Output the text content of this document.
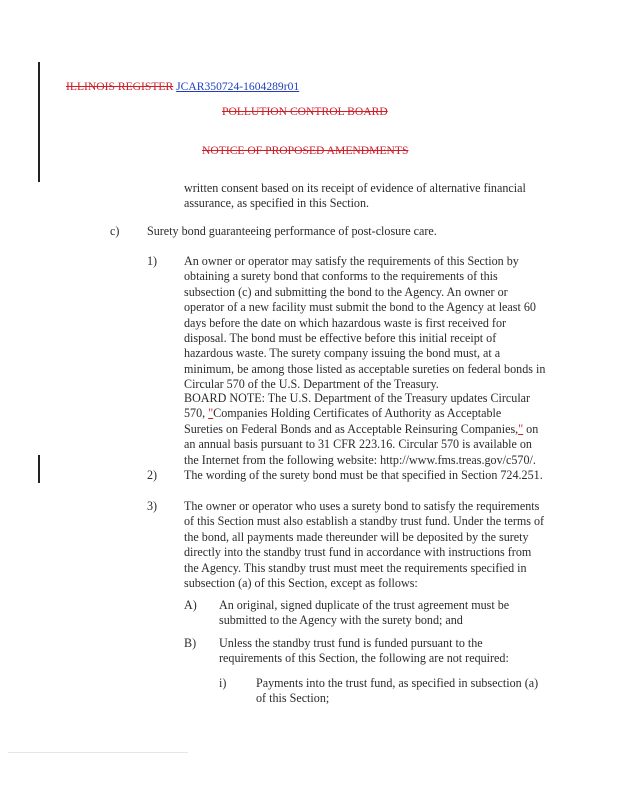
ILLINOIS REGISTER JCAR350724-1604289r01
POLLUTION CONTROL BOARD
NOTICE OF PROPOSED AMENDMENTS
written consent based on its receipt of evidence of alternative financial
assurance, as specified in this Section.
c) Surety bond guaranteeing performance of post-closure care.
1) An owner or operator may satisfy the requirements of this Section by
obtaining a surety bond that conforms to the requirements of this
subsection (c) and submitting the bond to the Agency. An owner or
operator of a new facility must submit the bond to the Agency at least 60
days before the date on which hazardous waste is first received for
disposal. The bond must be effective before this initial receipt of
hazardous waste. The surety company issuing the bond must, at a
minimum, be among those listed as acceptable sureties on federal bonds in
Circular 570 of the U.S. Department of the Treasury.
BOARD NOTE: The U.S. Department of the Treasury updates Circular
570, "Companies Holding Certificates of Authority as Acceptable
Sureties on Federal Bonds and as Acceptable Reinsuring Companies," on
an annual basis pursuant to 31 CFR 223.16. Circular 570 is available on
the Internet from the following website: http://www.fms.treas.gov/c570/.
2) The wording of the surety bond must be that specified in Section 724.251.
3) The owner or operator who uses a surety bond to satisfy the requirements
of this Section must also establish a standby trust fund. Under the terms of
the bond, all payments made thereunder will be deposited by the surety
directly into the standby trust fund in accordance with instructions from
the Agency. This standby trust must meet the requirements specified in
subsection (a) of this Section, except as follows:
A) An original, signed duplicate of the trust agreement must be
submitted to the Agency with the surety bond; and
B) Unless the standby trust fund is funded pursuant to the
requirements of this Section, the following are not required:
i) Payments into the trust fund, as specified in subsection (a)
of this Section;
